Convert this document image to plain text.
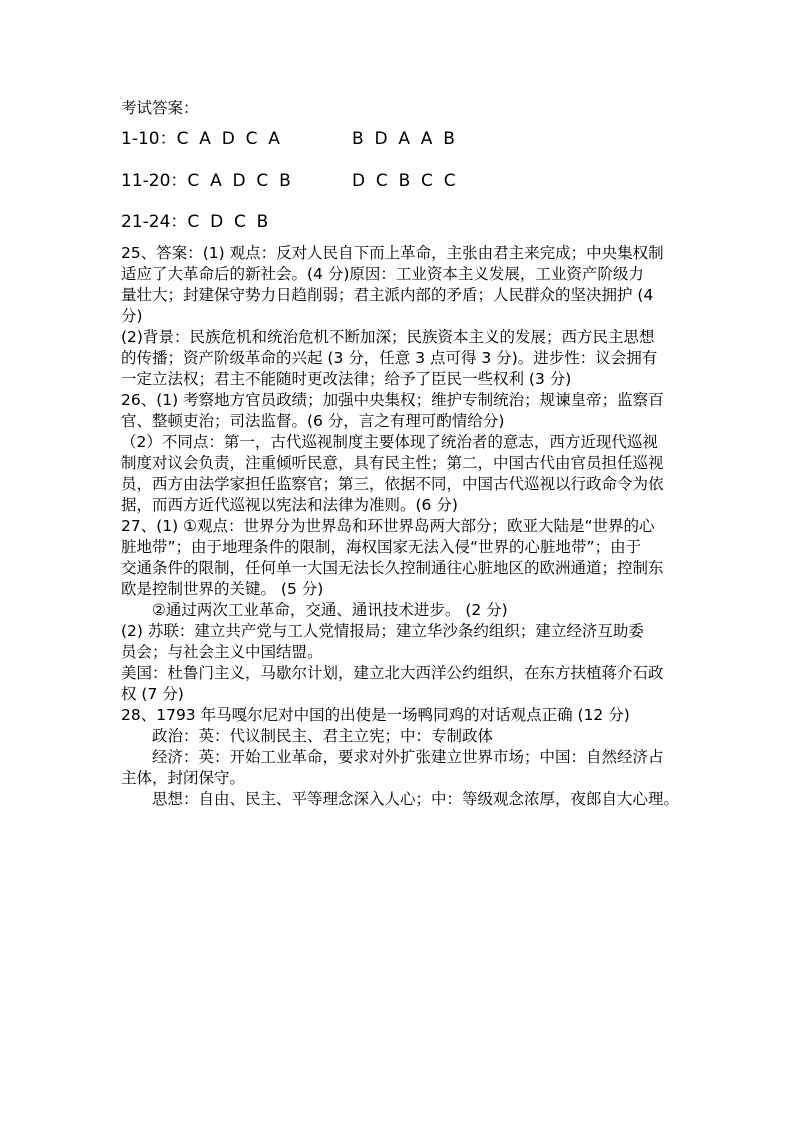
考试答案：
1-10：C  A  D  C  A	B  D  A  A  B
11-20：C  A  D  C  B	D  C  B  C  C
21-24：C  D  C  B
25、答案：(1) 观点：反对人民自下而上革命，主张由君主来完成；中央集权制
适应了大革命后的新社会。(4 分)原因：工业资本主义发展，工业资产阶级力
量壮大；封建保守势力日趋削弱；君主派内部的矛盾；人民群众的坚决拥护 (4
分)
(2)背景：民族危机和统治危机不断加深；民族资本主义的发展；西方民主思想
的传播；资产阶级革命的兴起 (3 分，任意 3 点可得 3 分)。进步性：议会拥有
一定立法权；君主不能随时更改法律；给予了臣民一些权利 (3 分)
26、(1) 考察地方官员政绩；加强中央集权；维护专制统治；规谏皇帝；监察百
官、整顿吏治；司法监督。(6 分，言之有理可酌情给分)
（2）不同点：第一，古代巡视制度主要体现了统治者的意志，西方近现代巡视
制度对议会负责，注重倾听民意，具有民主性；第二，中国古代由官员担任巡视
员，西方由法学家担任监察官；第三，依据不同，中国古代巡视以行政命令为依
据，而西方近代巡视以宪法和法律为准则。(6 分)
27、(1) ①观点：世界分为世界岛和环世界岛两大部分；欧亚大陆是“世界的心
脏地带”；由于地理条件的限制，海权国家无法入侵“世界的心脏地带”；由于
交通条件的限制，任何单一大国无法长久控制通往心脏地区的欧洲通道；控制东
欧是控制世界的关键。 (5 分)
②通过两次工业革命，交通、通讯技术进步。 (2 分)
(2) 苏联：建立共产党与工人党情报局；建立华沙条约组织；建立经济互助委
员会；与社会主义中国结盟。
美国：杜鲁门主义，马歇尔计划，建立北大西洋公约组织，在东方扶植蒋介石政
权 (7 分)
28、1793 年马嘎尔尼对中国的出使是一场鸭同鸡的对话观点正确 (12 分)
政治：英：代议制民主、君主立宪；中：专制政体
经济：英：开始工业革命，要求对外扩张建立世界市场；中国：自然经济占
主体，封闭保守。
思想：自由、民主、平等理念深入人心；中：等级观念浓厚，夜郎自大心理。
